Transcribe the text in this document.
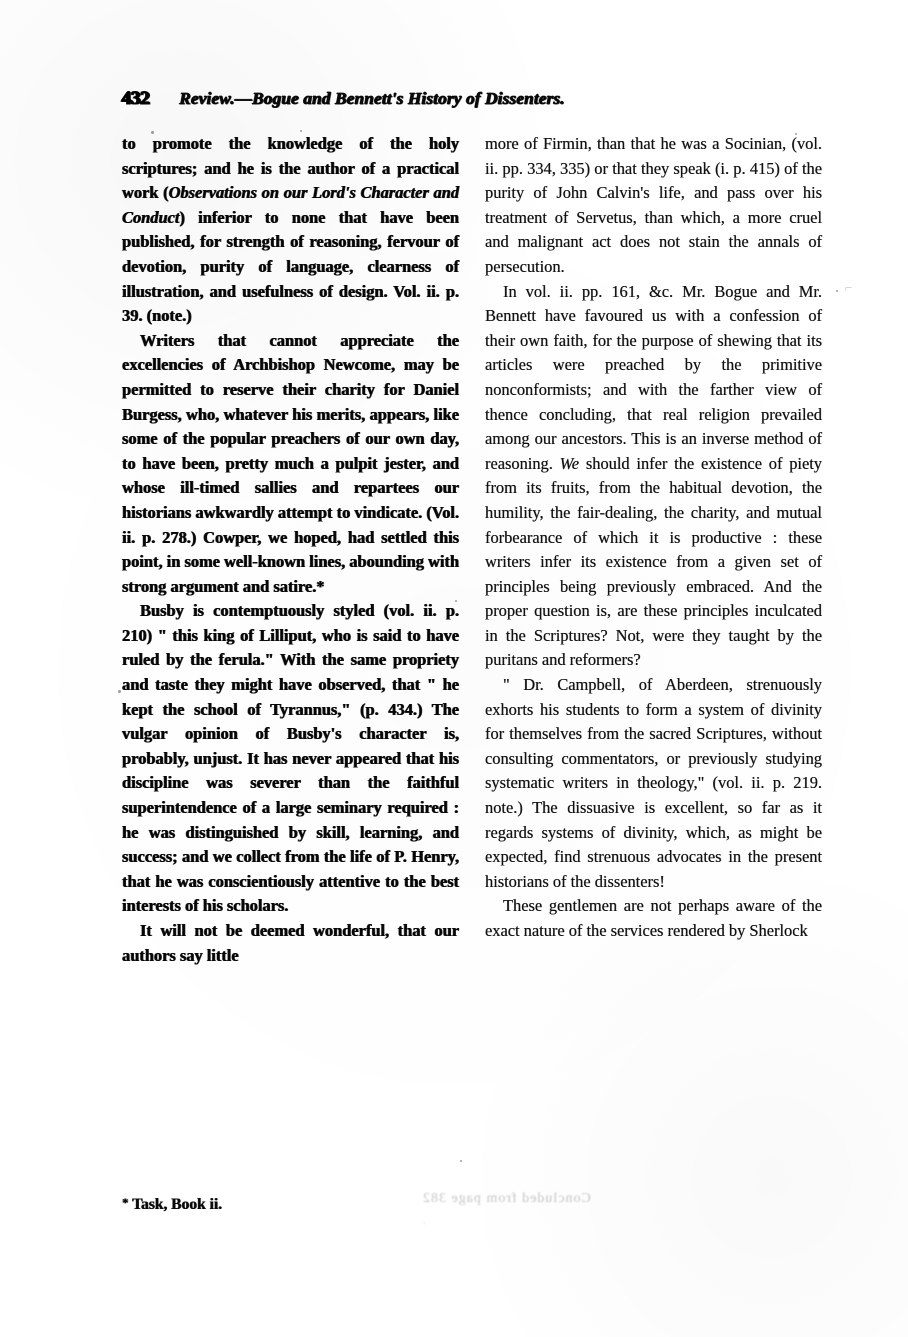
⌐
432 Review.—Bogue and Bennett's History of Dissenters.

to promote the knowledge of the holy scriptures; and he is the author of a practical work (Observations on our Lord's Character and Conduct) inferior to none that have been published, for strength of reasoning, fervour of devotion, purity of language, clearness of illustration, and usefulness of design. Vol. ii. p. 39. (note.)

Writers that cannot appreciate the excellencies of Archbishop Newcome, may be permitted to reserve their charity for Daniel Burgess, who, whatever his merits, appears, like some of the popular preachers of our own day, to have been, pretty much a pulpit jester, and whose ill-timed sallies and repartees our historians awkwardly attempt to vindicate. (Vol. ii. p. 278.) Cowper, we hoped, had settled this point, in some well-known lines, abounding with strong argument and satire.*

Busby is contemptuously styled (vol. ii. p. 210) " this king of Lilliput, who is said to have ruled by the ferula." With the same propriety and taste they might have observed, that " he kept the school of Tyrannus," (p. 434.) The vulgar opinion of Busby's character is, probably, unjust. It has never appeared that his discipline was severer than the faithful superintendence of a large seminary required : he was distinguished by skill, learning, and success; and we collect from the life of P. Henry, that he was conscientiously attentive to the best interests of his scholars.

It will not be deemed wonderful, that our authors say little

more of Firmin, than that he was a Socinian, (vol. ii. pp. 334, 335) or that they speak (i. p. 415) of the purity of John Calvin's life, and pass over his treatment of Servetus, than which, a more cruel and malignant act does not stain the annals of persecution.

In vol. ii. pp. 161, &c. Mr. Bogue and Mr. Bennett have favoured us with a confession of their own faith, for the purpose of shewing that its articles were preached by the primitive nonconformists; and with the farther view of thence concluding, that real religion prevailed among our ancestors. This is an inverse method of reasoning. We should infer the existence of piety from its fruits, from the habitual devotion, the humility, the fair-dealing, the charity, and mutual forbearance of which it is productive : these writers infer its existence from a given set of principles being previously embraced. And the proper question is, are these principles inculcated in the Scriptures? Not, were they taught by the puritans and reformers?

" Dr. Campbell, of Aberdeen, strenuously exhorts his students to form a system of divinity for themselves from the sacred Scriptures, without consulting commentators, or previously studying systematic writers in theology," (vol. ii. p. 219. note.) The dissuasive is excellent, so far as it regards systems of divinity, which, as might be expected, find strenuous advocates in the present historians of the dissenters!

These gentlemen are not perhaps aware of the exact nature of the services rendered by Sherlock

* Task, Book ii.	Concluded from page 382
.
